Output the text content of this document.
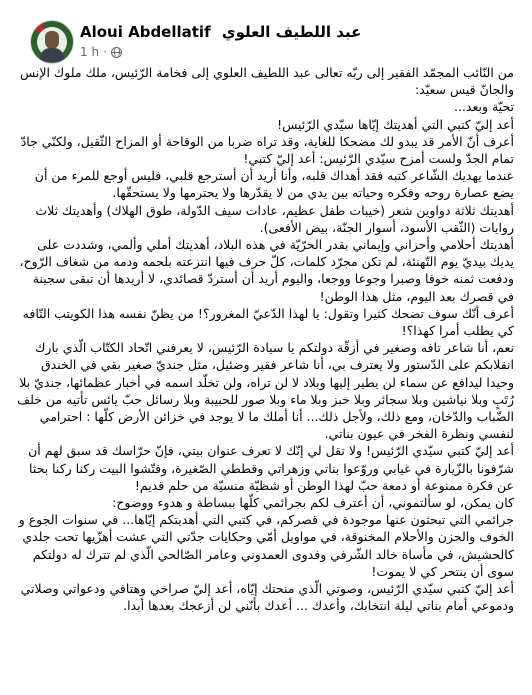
Aloui Abdellatif عبد اللطيف العلوي
1 h ·

من النّائب المجمّد الفقير إلى ربّه تعالى عبد اللطيف العلوي إلى فخامة الرّئيس، ملك ملوك الإنس والجانّ قيس سعيّد:

تحيّة وبعد...

أعد إليّ كتبي التي أهديتك إيّاها سيّدي الرّئيس!

أعرف أنّ الأمر قد يبدو لك مضحكا للغاية، وقد تراه ضربا من الوقاحة أو المزاح الثّقيل، ولكنّي جادّ تمام الجدّ ولست أمزح سيّدي الرّئيس: أعد إليّ كتبي!

عندما يهديك الشّاعر كتبه فقد أهداك قلبه، وأنا أريد أن أسترجع قلبي، فليس أوجع للمرء من أن يضع عصارة روحه وفكره وحياته بين يدي من لا يقدّرها ولا يحترمها ولا يستحقّها.

أهديتك ثلاثة دواوين شعر (خيبات طفل عظيم، عادات سيف الدّولة، طوق الهلاك) وأهديتك ثلاث روايات (الثّقب الأسود، أسوار الجنّة، بيض الأفعى).

أهديتك أحلامي وأحزاني وإيماني بقدر الحرّيّة في هذه البلاد، أهديتك أملي وألمي، وشددت على يديك بيديّ يوم التّهنئة، لم تكن مجرّد كلمات، كلّ حرف فيها انتزعته بلحمه ودمه من شغاف الرّوح، ودفعت ثمنه خوفا وصبرا وجوعا ووجعا، واليوم أريد أن أستردّ قصائدي، لا أريدها أن تبقى سجينة في قصرك بعد اليوم، مثل هذا الوطن!

أعرف أنّك سوف تضحك كثيرا وتقول: يا لهذا الدّعيّ المغرور؟! من يظنّ نفسه هذا الكويتب التّافه كي يطلب أمرا كهذا؟!

نعم، أنا شاعر تافه وصغير في أزقّة دولتكم يا سيادة الرّئيس، لا يعرفني اتّحاد الكتّاب الّذي بارك انقلابكم على الدّستور ولا يعترف بي، أنا شاعر فقير وضئيل، مثل جنديّ صغير بقي في الخندق وحيدا ليدافع عن سماء لن يطير إليها وبلاد لا لن تراه، ولن تخلّد اسمه في أخبار عظمائها، جنديّ بلا رُتَبٍ وبلا نياشين وبلا سجائر وبلا خبز وبلا ماء وبلا صور للحبيبة وبلا رسائل حبّ يائس تأتيه من خلف الضّباب والدّخان، ومع ذلك، ولأجل ذلك... أنا أملك ما لا يوجد في خزائن الأرض كلّها : احترامي لنفسي ونظرة الفخر في عيون بناتي.

أعد إليّ كتبي سيّدي الرّئيس! ولا تقل لي إنّك لا تعرف عنوان بيتي، فإنّ حرّاسك قد سبق لهم أن شرّفونا بالزّيارة في غيابي وروّعوا بناتي وزهراتي وقططي الصّغيرة، وفتّشوا البيت ركنا ركنا بحثا عن فكرة ممنوعة أو دمعة حبّ لهذا الوطن أو شظيّة منسيّة من حلم قديم!

كان يمكن، لو سألتموني، أن أعترف لكم بجرائمي كلّها ببساطة و هدوء ووضوح:

جرائمي التي تبحثون عنها موجودة في قصركم، في كتبي التي أهديتكم إيّاها... في سنوات الجوع و الخوف والحزن والأحلام المخنوقة، في مواويل أمّي وحكايات جدّتي التي عشت أهزّيها تحت جلدي كالحشيش، في مأساة خالد الشّرفي وفدوى العمدوني وعامر الصّالحي الّذي لم تترك له دولتكم سوى أن ينتحر كي لا يموت!

أعد إليّ كتبي سيّدي الرّئيس، وصوتي الّذي منحتك إيّاه، أعد إليّ صراخي وهتافي ودعواتي وصلاتي ودموعي أمام بناتي ليلة انتخابك، وأعدك ... أعدك بأنّني لن أزعجك بعدها أبدا.
